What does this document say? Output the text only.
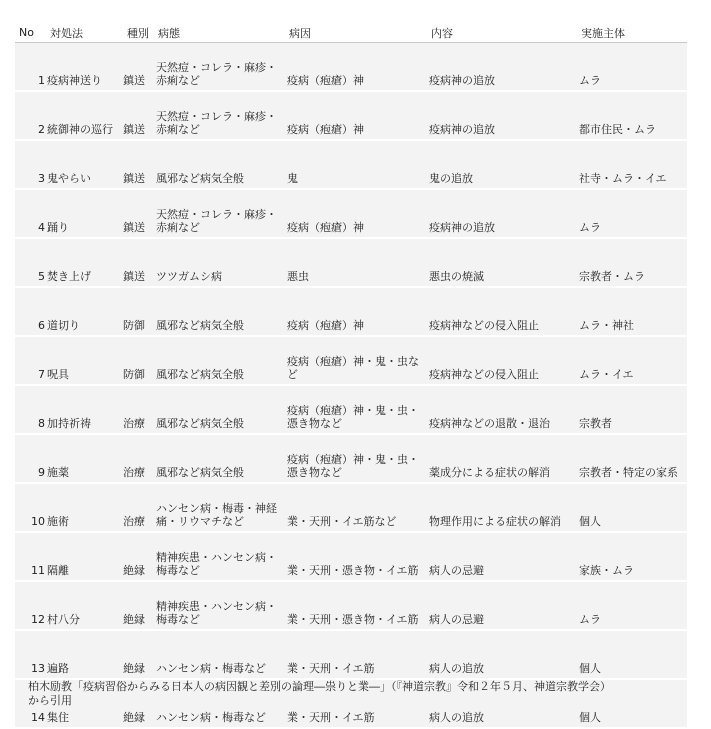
No	対処法	種別	病態	病因	内容	実施主体
1	疫病神送り	鎮送	天然痘・コレラ・麻疹・赤痢など	疫病（疱瘡）神	疫病神の追放	ムラ
2	統御神の巡行	鎮送	天然痘・コレラ・麻疹・赤痢など	疫病（疱瘡）神	疫病神の追放	都市住民・ムラ
3	鬼やらい	鎮送	風邪など病気全般	鬼	鬼の追放	社寺・ムラ・イエ
4	踊り	鎮送	天然痘・コレラ・麻疹・赤痢など	疫病（疱瘡）神	疫病神の追放	ムラ
5	焚き上げ	鎮送	ツツガムシ病	悪虫	悪虫の焼滅	宗教者・ムラ
6	道切り	防御	風邪など病気全般	疫病（疱瘡）神	疫病神などの侵入阻止	ムラ・神社
7	呪具	防御	風邪など病気全般	疫病（疱瘡）神・鬼・虫など	疫病神などの侵入阻止	ムラ・イエ
8	加持祈祷	治療	風邪など病気全般	疫病（疱瘡）神・鬼・虫・憑き物など	疫病神などの退散・退治	宗教者
9	施薬	治療	風邪など病気全般	疫病（疱瘡）神・鬼・虫・憑き物など	薬成分による症状の解消	宗教者・特定の家系
10	施術	治療	ハンセン病・梅毒・神経痛・リウマチなど	業・天刑・イエ筋など	物理作用による症状の解消	個人
11	隔離	絶縁	精神疾患・ハンセン病・梅毒など	業・天刑・憑き物・イエ筋	病人の忌避	家族・ムラ
12	村八分	絶縁	精神疾患・ハンセン病・梅毒など	業・天刑・憑き物・イエ筋	病人の忌避	ムラ
13	遍路	絶縁	ハンセン病・梅毒など	業・天刑・イエ筋	病人の追放	個人
14	集住	絶縁	ハンセン病・梅毒など	業・天刑・イエ筋	病人の追放	個人
柏木励教「疫病習俗からみる日本人の病因観と差別の論理―祟りと業―」（『神道宗教』令和２年５月、神道宗教学会）
から引用
